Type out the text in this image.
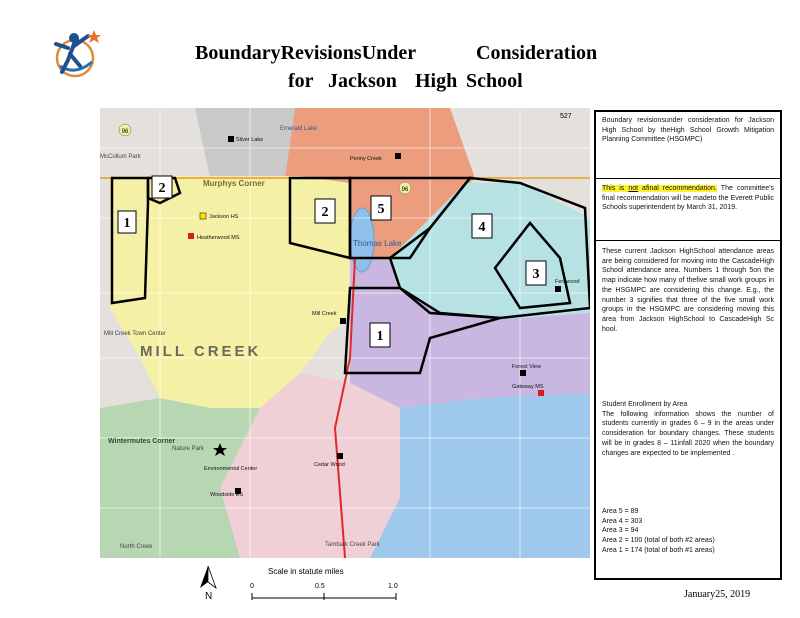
BoundaryRevisionsUnder	Consideration
for Jackson High School
96
96
527
1
2
2	5
4
3
1
MILL CREEK
Murphys Corner
Thomas Lake
Mill Creek Town Center
Wintermutes Corner
North Creek
McCollum Park
Emerald Lake
Tambark Creek Park
Nature Park
Silver Lake
Penny Creek
Jackson HS
Heatherwood MS
Mill Creek
Fernwood
Forest View
Gateway MS
Cedar Wood
Woodside ES
Environmental Center
Boundary revisionsunder consideration for Jackson High School by theHigh School Growth Mitigation Planning Committee (HSGMPC)
This is not afinal recommendation. The committee's final recommendation will be madeto the Everett Public Schools superintendent by March 31, 2019.
These current Jackson HighSchool attendance areas are being considered for moving into the CascadeHigh School attendance area. Numbers 1 through 5on the map indicate how many of thefive small work groups in the HSGMPC are considering this change. E.g., the number 3 signifies that three of the five small work groups in the HSGMPC are considering moving this area from Jackson HighSchool to CascadeHigh Sc hool.
Student Enrollment by Area
The following information shows the number of students currently in grades 6 – 9 in the areas under consideration for boundary changes. These students will be in grades 8 – 11infall 2020 when the boundary changes are expected to be implemented .
Area 5 = 89
Area 4 = 303
Area 3 = 94
Area 2 = 100 (total of both #2 areas)
Area 1 = 174 (total of both #1 areas)
N
Scale in statute miles
0	0.5	1.0
January25, 2019
